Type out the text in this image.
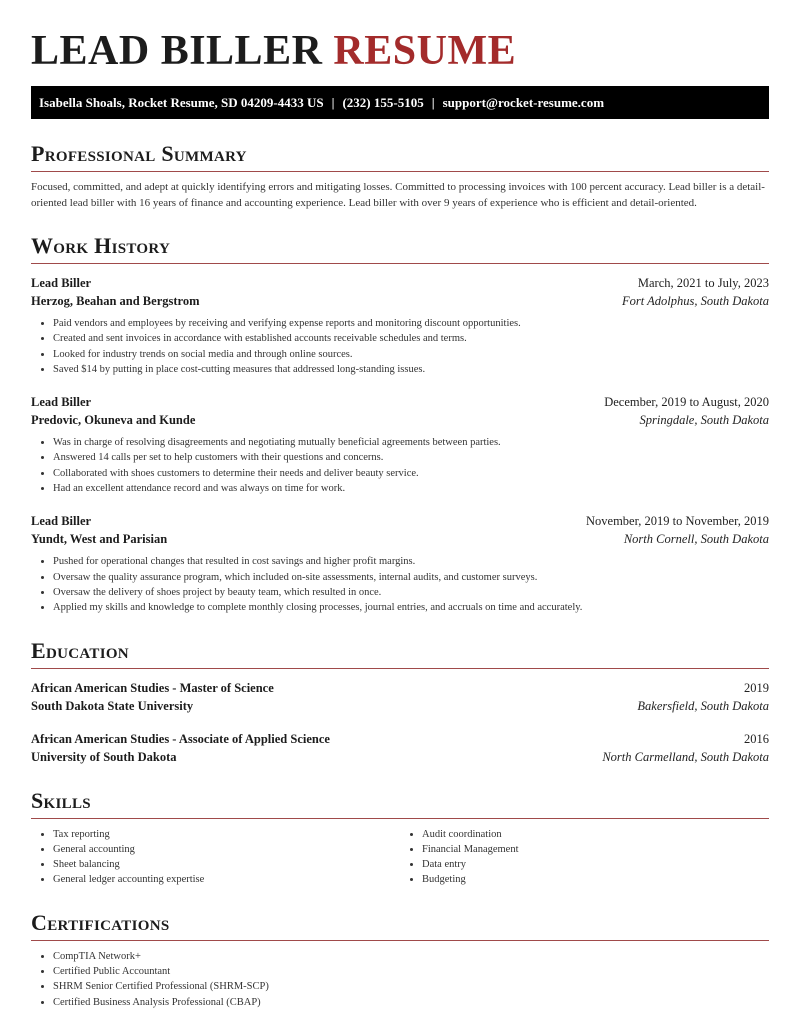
LEAD BILLER RESUME
Isabella Shoals, Rocket Resume, SD 04209-4433 US | (232) 155-5105 | support@rocket-resume.com
Professional Summary

Focused, committed, and adept at quickly identifying errors and mitigating losses. Committed to processing invoices with 100 percent accuracy. Lead biller is a detail-oriented lead biller with 16 years of finance and accounting experience. Lead biller with over 9 years of experience who is efficient and detail-oriented.

Work History
Lead Biller	March, 2021 to July, 2023
Herzog, Beahan and Bergstrom	Fort Adolphus, South Dakota
• Paid vendors and employees by receiving and verifying expense reports and monitoring discount opportunities.
• Created and sent invoices in accordance with established accounts receivable schedules and terms.
• Looked for industry trends on social media and through online sources.
• Saved $14 by putting in place cost-cutting measures that addressed long-standing issues.
Lead Biller	December, 2019 to August, 2020
Predovic, Okuneva and Kunde	Springdale, South Dakota
• Was in charge of resolving disagreements and negotiating mutually beneficial agreements between parties.
• Answered 14 calls per set to help customers with their questions and concerns.
• Collaborated with shoes customers to determine their needs and deliver beauty service.
• Had an excellent attendance record and was always on time for work.
Lead Biller	November, 2019 to November, 2019
Yundt, West and Parisian	North Cornell, South Dakota
• Pushed for operational changes that resulted in cost savings and higher profit margins.
• Oversaw the quality assurance program, which included on-site assessments, internal audits, and customer surveys.
• Oversaw the delivery of shoes project by beauty team, which resulted in once.
• Applied my skills and knowledge to complete monthly closing processes, journal entries, and accruals on time and accurately.
Education
African American Studies - Master of Science	2019
South Dakota State University	Bakersfield, South Dakota
African American Studies - Associate of Applied Science	2016
University of South Dakota	North Carmelland, South Dakota
Skills
• Tax reporting
• General accounting
• Sheet balancing
• General ledger accounting expertise
• Audit coordination
• Financial Management
• Data entry
• Budgeting
Certifications
• CompTIA Network+
• Certified Public Accountant
• SHRM Senior Certified Professional (SHRM-SCP)
• Certified Business Analysis Professional (CBAP)
